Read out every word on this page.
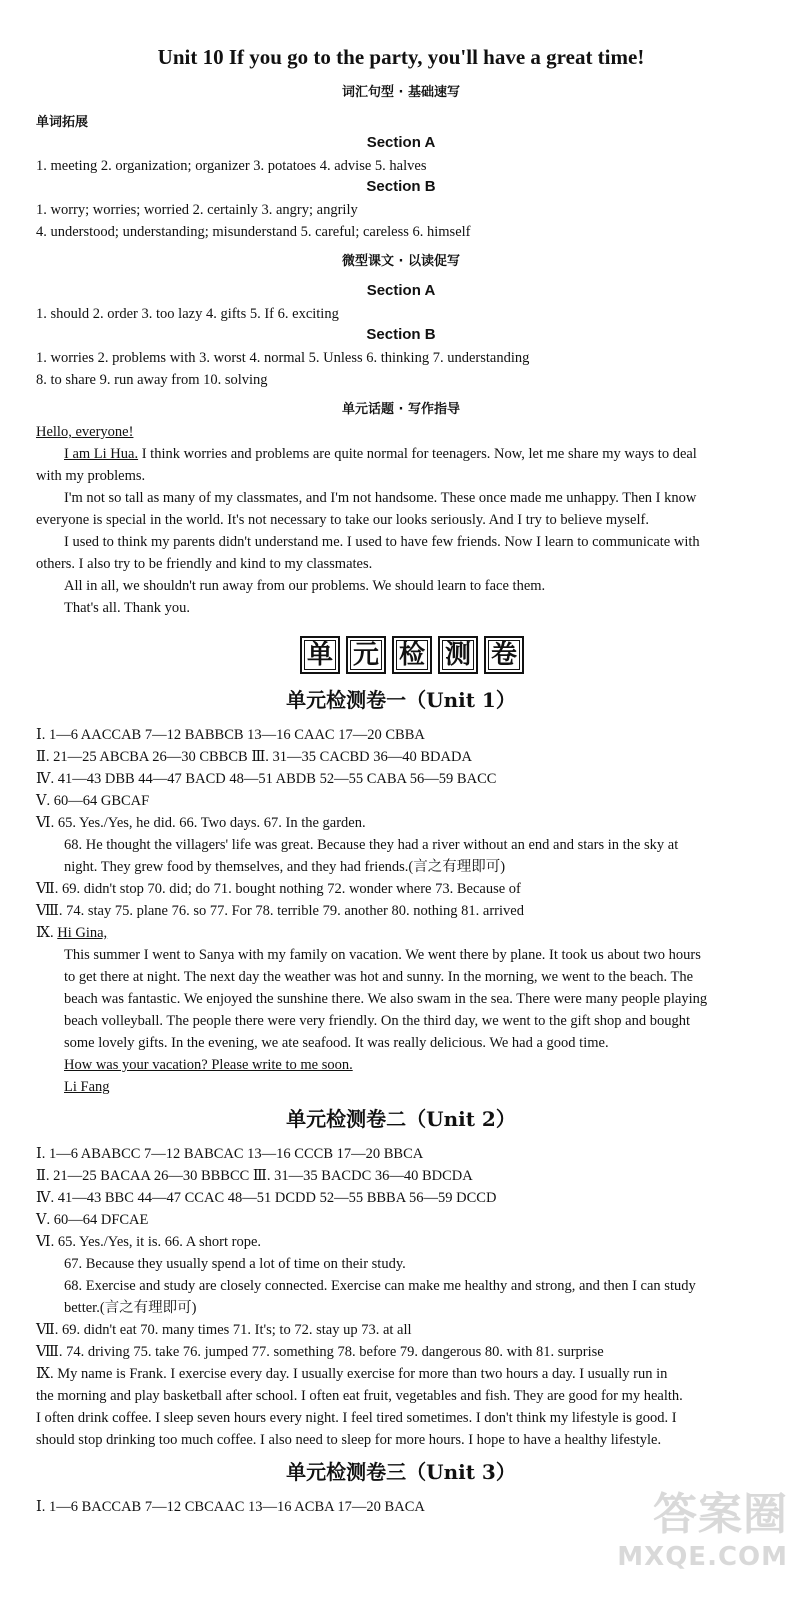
Unit 10 If you go to the party, you'll have a great time!
词汇句型 · 基础速写
单词拓展
Section A
1. meeting 2. organization; organizer 3. potatoes 4. advise 5. halves
Section B
1. worry; worries; worried 2. certainly 3. angry; angrily
4. understood; understanding; misunderstand 5. careful; careless 6. himself
微型课文 · 以读促写
Section A
1. should 2. order 3. too lazy 4. gifts 5. If 6. exciting
Section B
1. worries 2. problems with 3. worst 4. normal 5. Unless 6. thinking 7. understanding
8. to share 9. run away from 10. solving
单元话题 · 写作指导
Hello, everyone!
I am Li Hua. I think worries and problems are quite normal for teenagers. Now, let me share my ways to deal
with my problems.
I'm not so tall as many of my classmates, and I'm not handsome. These once made me unhappy. Then I know
everyone is special in the world. It's not necessary to take our looks seriously. And I try to believe myself.
I used to think my parents didn't understand me. I used to have few friends. Now I learn to communicate with
others. I also try to be friendly and kind to my classmates.
All in all, we shouldn't run away from our problems. We should learn to face them.
That's all. Thank you.
单 元 检 测 卷
单元检测卷一（Unit 1）
Ⅰ. 1—6 AACCAB 7—12 BABBCB 13—16 CAAC 17—20 CBBA
Ⅱ. 21—25 ABCBA 26—30 CBBCB Ⅲ. 31—35 CACBD 36—40 BDADA
Ⅳ. 41—43 DBB 44—47 BACD 48—51 ABDB 52—55 CABA 56—59 BACC
Ⅴ. 60—64 GBCAF
Ⅵ. 65. Yes./Yes, he did. 66. Two days. 67. In the garden.
68. He thought the villagers' life was great. Because they had a river without an end and stars in the sky at
night. They grew food by themselves, and they had friends.(言之有理即可)
Ⅶ. 69. didn't stop 70. did; do 71. bought nothing 72. wonder where 73. Because of
Ⅷ. 74. stay 75. plane 76. so 77. For 78. terrible 79. another 80. nothing 81. arrived
Ⅸ. Hi Gina,
This summer I went to Sanya with my family on vacation. We went there by plane. It took us about two hours
to get there at night. The next day the weather was hot and sunny. In the morning, we went to the beach. The
beach was fantastic. We enjoyed the sunshine there. We also swam in the sea. There were many people playing
beach volleyball. The people there were very friendly. On the third day, we went to the gift shop and bought
some lovely gifts. In the evening, we ate seafood. It was really delicious. We had a good time.
How was your vacation? Please write to me soon.
Li Fang
单元检测卷二（Unit 2）
Ⅰ. 1—6 ABABCC 7—12 BABCAC 13—16 CCCB 17—20 BBCA
Ⅱ. 21—25 BACAA 26—30 BBBCC Ⅲ. 31—35 BACDC 36—40 BDCDA
Ⅳ. 41—43 BBC 44—47 CCAC 48—51 DCDD 52—55 BBBA 56—59 DCCD
Ⅴ. 60—64 DFCAE
Ⅵ. 65. Yes./Yes, it is. 66. A short rope.
67. Because they usually spend a lot of time on their study.
68. Exercise and study are closely connected. Exercise can make me healthy and strong, and then I can study
better.(言之有理即可)
Ⅶ. 69. didn't eat 70. many times 71. It's; to 72. stay up 73. at all
Ⅷ. 74. driving 75. take 76. jumped 77. something 78. before 79. dangerous 80. with 81. surprise
Ⅸ. My name is Frank. I exercise every day. I usually exercise for more than two hours a day. I usually run in
the morning and play basketball after school. I often eat fruit, vegetables and fish. They are good for my health.
I often drink coffee. I sleep seven hours every night. I feel tired sometimes. I don't think my lifestyle is good. I
should stop drinking too much coffee. I also need to sleep for more hours. I hope to have a healthy lifestyle.
单元检测卷三（Unit 3）
Ⅰ. 1—6 BACCAB 7—12 CBCAAC 13—16 ACBA 17—20 BACA	答案圈
MXQE.COM
